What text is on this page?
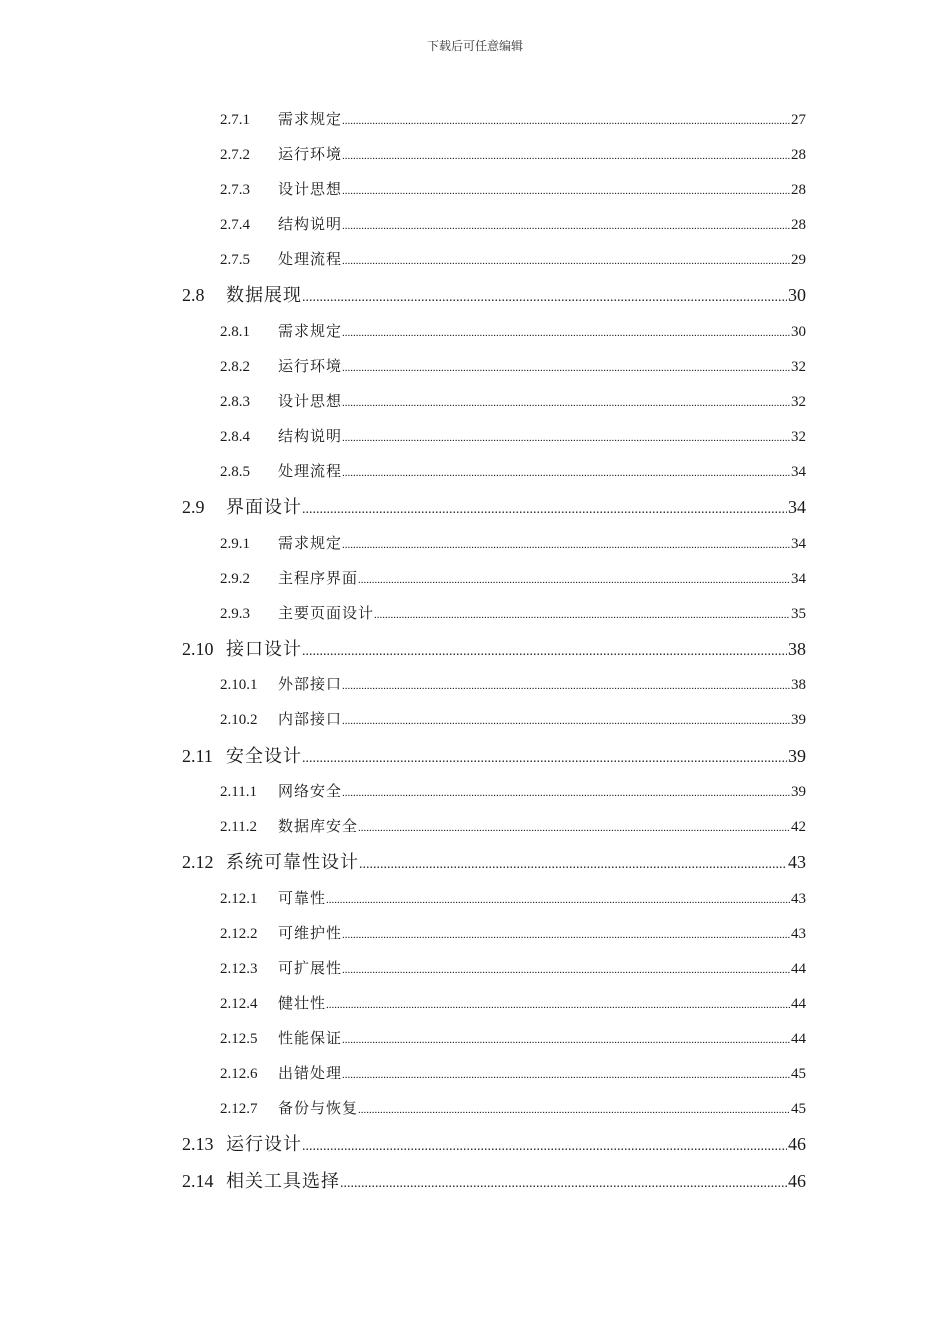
下载后可任意编辑
2.7.1	需求规定 .....	27
2.7.2	运行环境 .....	28
2.7.3	设计思想 .....	28
2.7.4	结构说明 .....	28
2.7.5	处理流程 .....	29
2.8	数据展现 .....	30
2.8.1	需求规定 .....	30
2.8.2	运行环境 .....	32
2.8.3	设计思想 .....	32
2.8.4	结构说明 .....	32
2.8.5	处理流程 .....	34
2.9	界面设计 .....	34
2.9.1	需求规定 .....	34
2.9.2	主程序界面 .....	34
2.9.3	主要页面设计 .....	35
2.10 接口设计 .....	38
2.10.1	外部接口 .....	38
2.10.2	内部接口 .....	39
2.11 安全设计 .....	39
2.11.1	网络安全 .....	39
2.11.2	数据库安全 .....	42
2.12 系统可靠性设计 .....	43
2.12.1	可靠性 .....	43
2.12.2	可维护性 .....	43
2.12.3	可扩展性 .....	44
2.12.4	健壮性 .....	44
2.12.5	性能保证 .....	44
2.12.6	出错处理 .....	45
2.12.7	备份与恢复 .....	45
2.13 运行设计 .....	46
2.14 相关工具选择 .....	46
